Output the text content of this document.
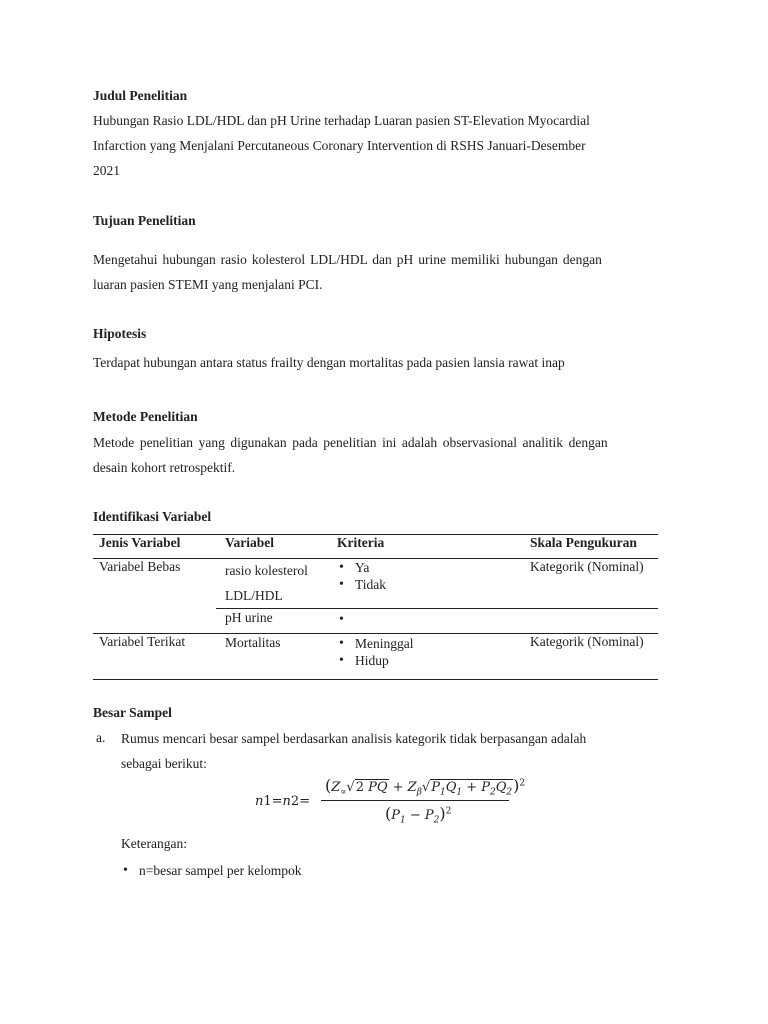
Judul Penelitian
Hubungan Rasio LDL/HDL dan pH Urine terhadap Luaran pasien ST-Elevation Myocardial
Infarction yang Menjalani Percutaneous Coronary Intervention di RSHS Januari-Desember
2021
Tujuan Penelitian
Mengetahui hubungan rasio kolesterol LDL/HDL dan pH urine memiliki hubungan dengan
luaran pasien STEMI yang menjalani PCI.
Hipotesis
Terdapat hubungan antara status frailty dengan mortalitas pada pasien lansia rawat inap
Metode Penelitian
Metode penelitian yang digunakan pada penelitian ini adalah observasional analitik dengan
desain kohort retrospektif.
Identifikasi Variabel
Jenis Variabel	Variabel	Kriteria	Skala Pengukuran
Variabel Bebas	rasio kolesterol
LDL/HDL
• Ya
• Tidak
Kategorik (Nominal)
pH urine
Variabel Terikat	Mortalitas
•	Meninggal
• Hidup
Kategorik (Nominal)
Besar Sampel
a. Rumus mencari besar sampel berdasarkan analisis kategorik tidak berpasangan adalah
sebagai berikut:
n1=n2=
($Z_\propto√2$ PQ + $Z_\beta√P_1Q_1 + P_2Q_2)^2$
$(P_1 - P_2)^2$
Keterangan:
• n=besar sampel per kelompok
